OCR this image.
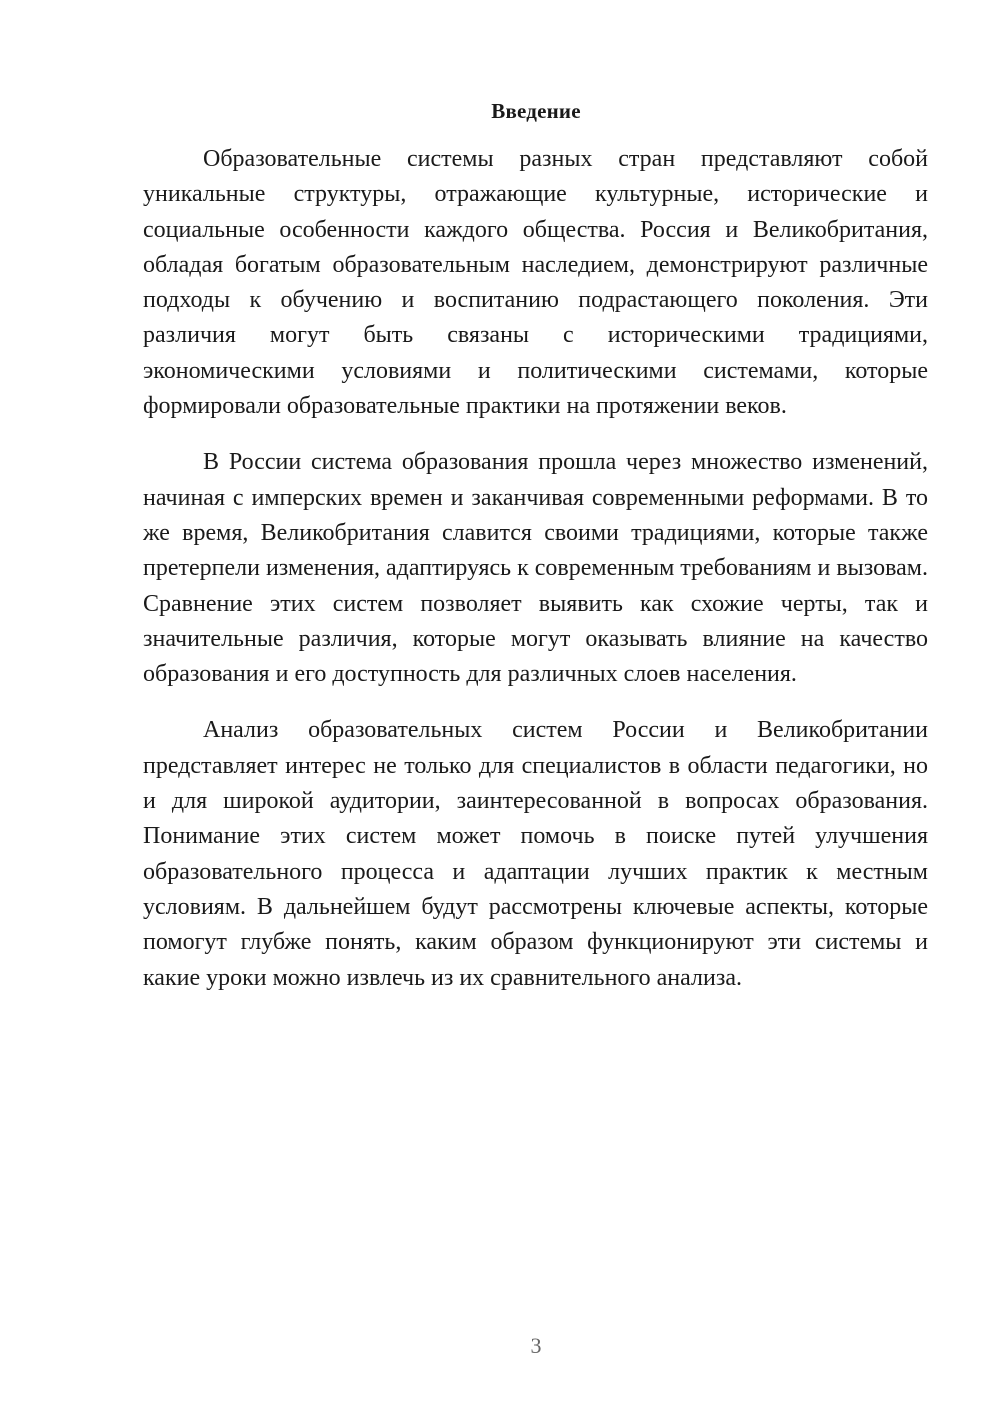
Введение

Образовательные системы разных стран представляют собой уникальные структуры, отражающие культурные, исторические и социальные особенности каждого общества. Россия и Великобритания, обладая богатым образовательным наследием, демонстрируют различные подходы к обучению и воспитанию подрастающего поколения. Эти различия могут быть связаны с историческими традициями, экономическими условиями и политическими системами, которые формировали образовательные практики на протяжении веков.

В России система образования прошла через множество изменений, начиная с имперских времен и заканчивая современными реформами. В то же время, Великобритания славится своими традициями, которые также претерпели изменения, адаптируясь к современным требованиям и вызовам. Сравнение этих систем позволяет выявить как схожие черты, так и значительные различия, которые могут оказывать влияние на качество образования и его доступность для различных слоев населения.

Анализ образовательных систем России и Великобритании представляет интерес не только для специалистов в области педагогики, но и для широкой аудитории, заинтересованной в вопросах образования. Понимание этих систем может помочь в поиске путей улучшения образовательного процесса и адаптации лучших практик к местным условиям. В дальнейшем будут рассмотрены ключевые аспекты, которые помогут глубже понять, каким образом функционируют эти системы и какие уроки можно извлечь из их сравнительного анализа.

3
